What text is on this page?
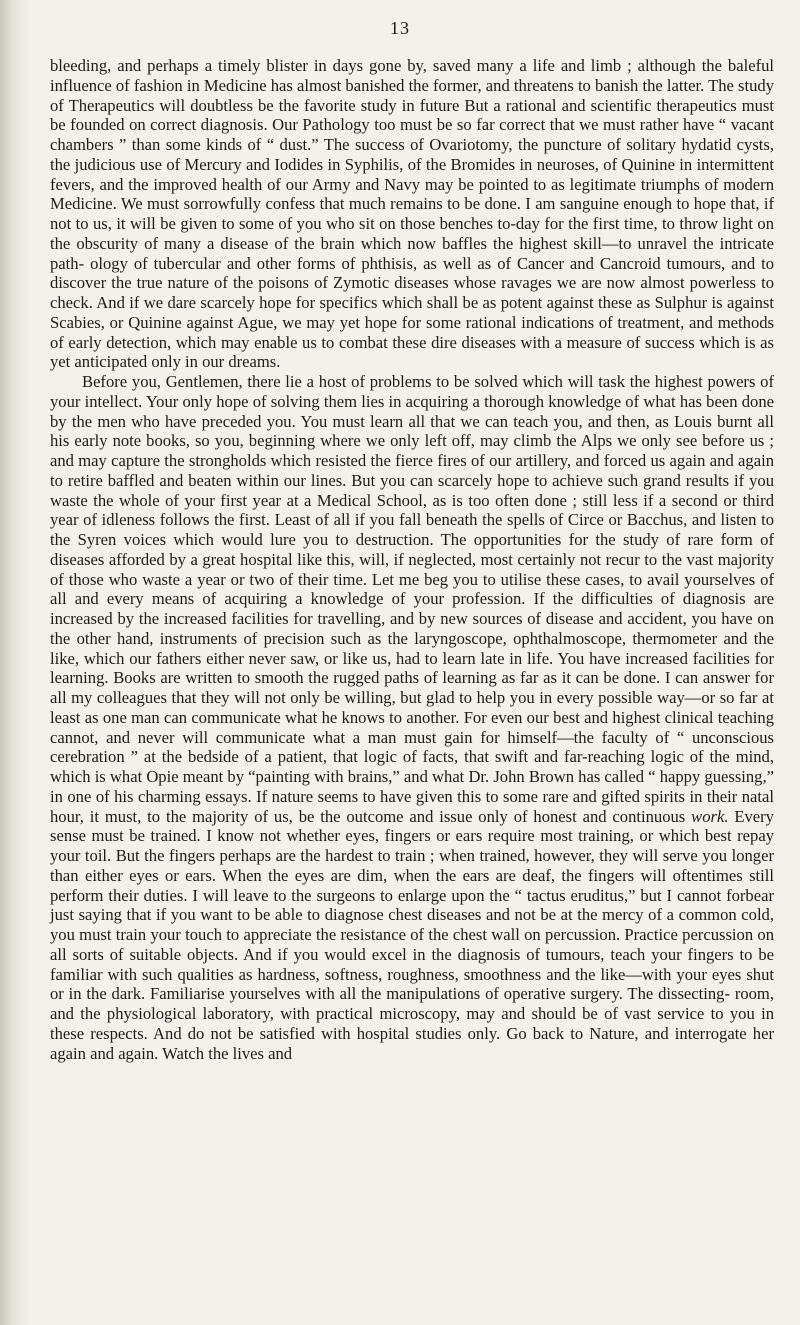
13

bleeding, and perhaps a timely blister in days gone by, saved many a life and limb ; although the baleful influence of fashion in Medicine has almost banished the former, and threatens to banish the latter. The study of Therapeutics will doubtless be the favorite study in future But a rational and scientific therapeutics must be founded on correct diagnosis. Our Pathology too must be so far correct that we must rather have “ vacant chambers ” than some kinds of “ dust.” The success of Ovariotomy, the puncture of solitary hydatid cysts, the judicious use of Mercury and Iodides in Syphilis, of the Bromides in neuroses, of Quinine in intermittent fevers, and the improved health of our Army and Navy may be pointed to as legitimate triumphs of modern Medicine. We must sorrowfully confess that much remains to be done. I am sanguine enough to hope that, if not to us, it will be given to some of you who sit on those benches to-day for the first time, to throw light on the obscurity of many a disease of the brain which now baffles the highest skill—to unravel the intricate path- ology of tubercular and other forms of phthisis, as well as of Cancer and Cancroid tumours, and to discover the true nature of the poisons of Zymotic diseases whose ravages we are now almost powerless to check. And if we dare scarcely hope for specifics which shall be as potent against these as Sulphur is against Scabies, or Quinine against Ague, we may yet hope for some rational indications of treatment, and methods of early detection, which may enable us to combat these dire diseases with a measure of success which is as yet anticipated only in our dreams.

Before you, Gentlemen, there lie a host of problems to be solved which will task the highest powers of your intellect. Your only hope of solving them lies in acquiring a thorough knowledge of what has been done by the men who have preceded you. You must learn all that we can teach you, and then, as Louis burnt all his early note books, so you, beginning where we only left off, may climb the Alps we only see before us ; and may capture the strongholds which resisted the fierce fires of our artillery, and forced us again and again to retire baffled and beaten within our lines. But you can scarcely hope to achieve such grand results if you waste the whole of your first year at a Medical School, as is too often done ; still less if a second or third year of idleness follows the first. Least of all if you fall beneath the spells of Circe or Bacchus, and listen to the Syren voices which would lure you to destruction. The opportunities for the study of rare form of diseases afforded by a great hospital like this, will, if neglected, most certainly not recur to the vast majority of those who waste a year or two of their time. Let me beg you to utilise these cases, to avail yourselves of all and every means of acquiring a knowledge of your profession. If the difficulties of diagnosis are increased by the increased facilities for travelling, and by new sources of disease and accident, you have on the other hand, instruments of precision such as the laryngoscope, ophthalmoscope, thermometer and the like, which our fathers either never saw, or like us, had to learn late in life. You have increased facilities for learning. Books are written to smooth the rugged paths of learning as far as it can be done. I can answer for all my colleagues that they will not only be willing, but glad to help you in every possible way—or so far at least as one man can communicate what he knows to another. For even our best and highest clinical teaching cannot, and never will communicate what a man must gain for himself—the faculty of “ unconscious cerebration ” at the bedside of a patient, that logic of facts, that swift and far-reaching logic of the mind, which is what Opie meant by “painting with brains,” and what Dr. John Brown has called “ happy guessing,” in one of his charming essays. If nature seems to have given this to some rare and gifted spirits in their natal hour, it must, to the majority of us, be the outcome and issue only of honest and continuous work. Every sense must be trained. I know not whether eyes, fingers or ears require most training, or which best repay your toil. But the fingers perhaps are the hardest to train ; when trained, however, they will serve you longer than either eyes or ears. When the eyes are dim, when the ears are deaf, the fingers will oftentimes still perform their duties. I will leave to the surgeons to enlarge upon the “ tactus eruditus,” but I cannot forbear just saying that if you want to be able to diagnose chest diseases and not be at the mercy of a common cold, you must train your touch to appreciate the resistance of the chest wall on percussion. Practice percussion on all sorts of suitable objects. And if you would excel in the diagnosis of tumours, teach your fingers to be familiar with such qualities as hardness, softness, roughness, smoothness and the like—with your eyes shut or in the dark. Familiarise yourselves with all the manipulations of operative surgery. The dissecting- room, and the physiological laboratory, with practical microscopy, may and should be of vast service to you in these respects. And do not be satisfied with hospital studies only. Go back to Nature, and interrogate her again and again. Watch the lives and
